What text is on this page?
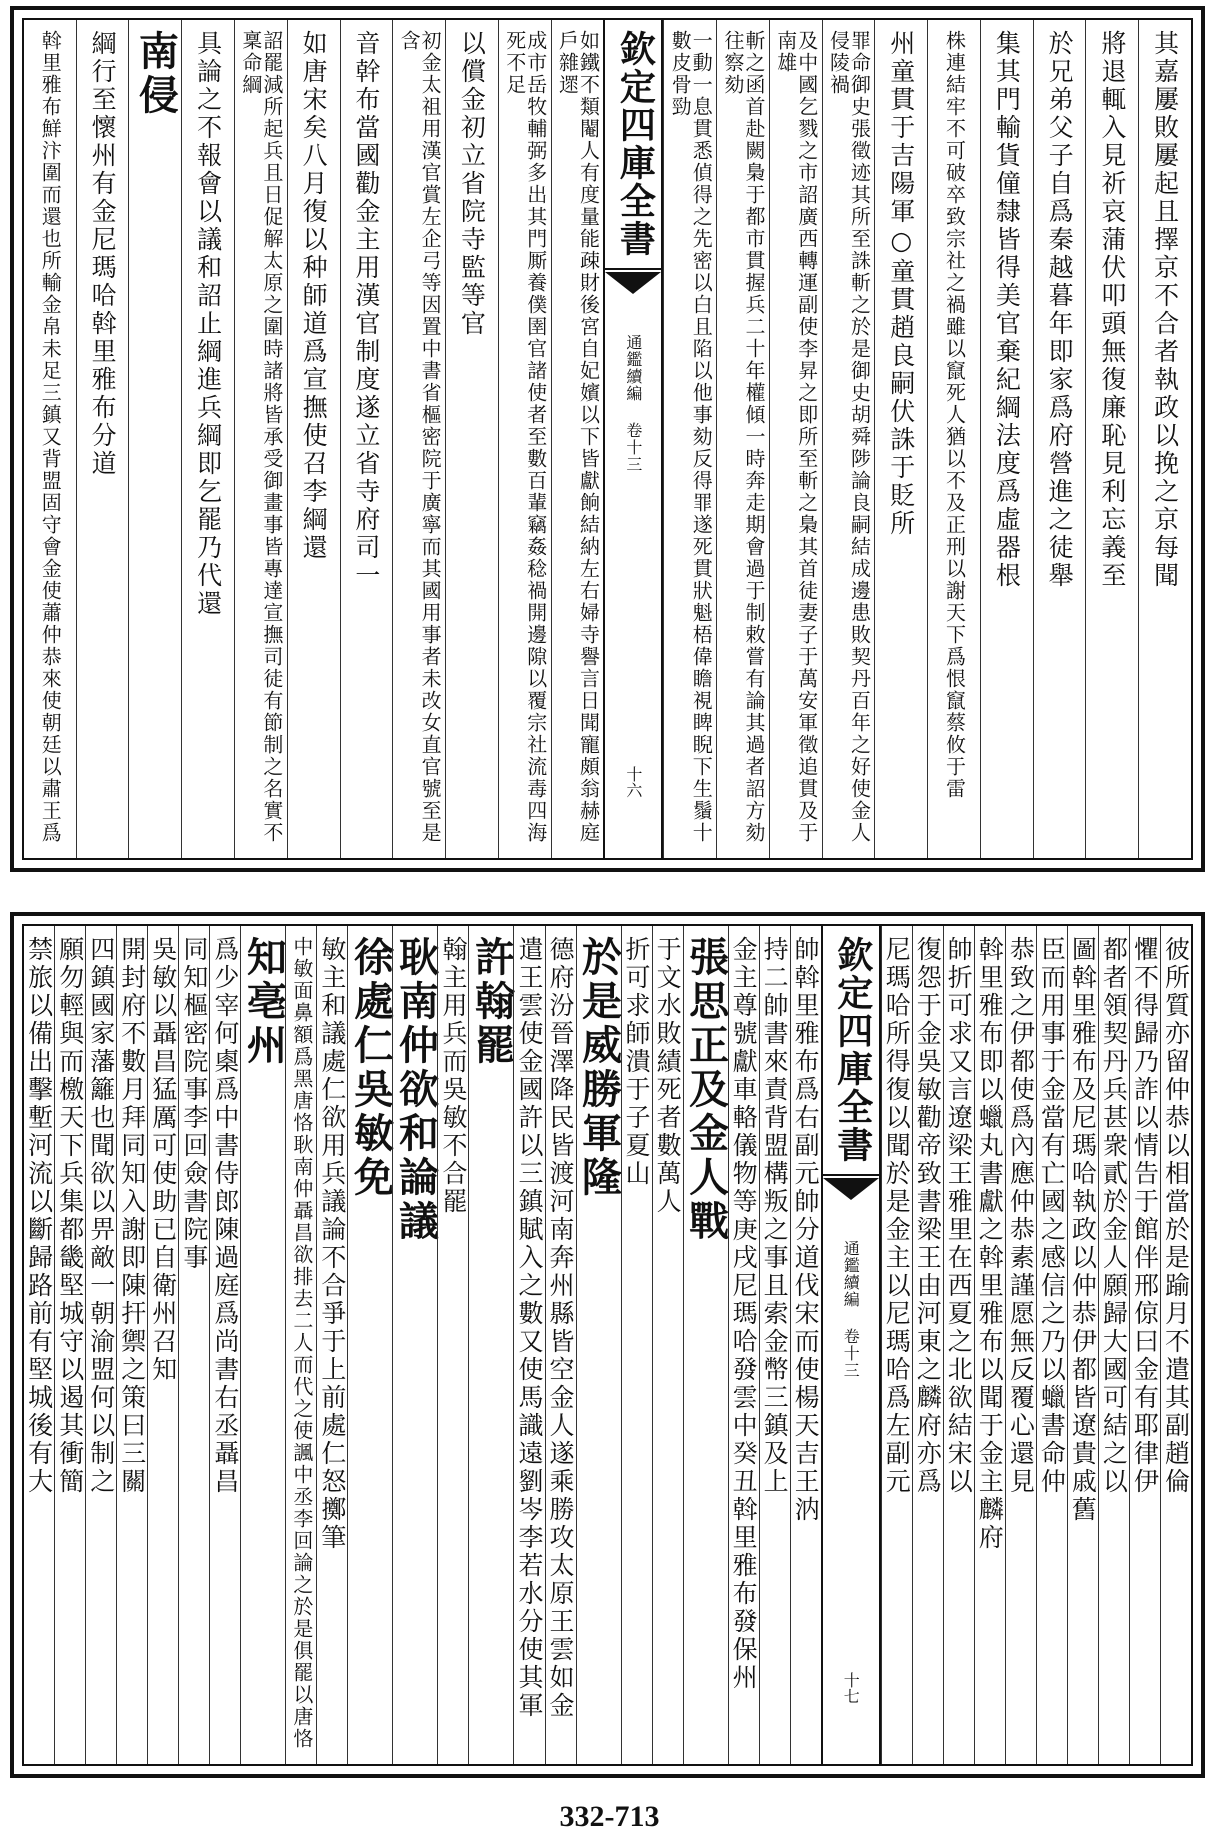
其嘉屢敗屢起且擇京不合者執政以挽之京每聞
將退輒入見祈哀蒲伏叩頭無復廉恥見利忘義至
於兄弟父子自爲秦越暮年即家爲府營進之徒舉
集其門輸貨僮隸皆得美官棄紀綱法度爲虛器根
株連結牢不可破卒致宗社之禍雖以竄死人猶以不及正刑以謝天下爲恨竄蔡攸于雷
州童貫于吉陽軍○童貫趙良嗣伏誅于貶所
罪命御史張徵迹其所至誅斬之於是御史胡舜陟論良嗣結成邊患敗契丹百年之好使金人侵陵禍
及中國乞戮之市詔廣西轉運副使李昇之即所至斬之梟其首徒妻子于萬安軍徵追貫及于南雄
斬之函首赴闕梟于都市貫握兵二十年權傾一時奔走期會過于制敕嘗有論其過者詔方劾往察劾
一動一息貫悉偵得之先密以白且陷以他事劾反得罪遂死貫狀魁梧偉瞻視睥睨下生鬚十數皮骨勁
欽定四庫全書
通鑑續編 卷十三
十六
如鐵不類閹人有度量能疎財後宮自妃嬪以下皆獻餉結納左右婦寺譽言日聞寵頗翁赫庭戶雜遝
成市岳牧輔弼多出其門厮養僕圉官諸使者至數百輩竊姦稔禍開邊隙以覆宗社流毒四海死不足
以償金初立省院寺監等官
初金太祖用漢官賞左企弓等因置中書省樞密院于廣寧而其國用事者未改女直官號至是含
音幹布當國勸金主用漢官制度遂立省寺府司一
如唐宋矣八月復以种師道爲宣撫使召李綱還
詔罷減所起兵且日促解太原之圍時諸將皆承受御畫事皆專達宣撫司徒有節制之名實不稟命綱
具論之不報會以議和詔止綱進兵綱即乞罷乃代還
南侵
綱行至懷州有金尼瑪哈斡里雅布分道
斡里雅布鮮汴圍而還也所輸金帛未足三鎮又背盟固守會金使蕭仲恭來使朝廷以肅王爲
彼所質亦留仲恭以相當於是踰月不遣其副趙倫
懼不得歸乃詐以情告于館伴邢倞曰金有耶律伊
都者領契丹兵甚衆貳於金人願歸大國可結之以
圖斡里雅布及尼瑪哈執政以仲恭伊都皆遼貴戚舊
臣而用事于金當有亡國之感信之乃以蠟書命仲
恭致之伊都使爲內應仲恭素謹愿無反覆心還見
斡里雅布即以蠟丸書獻之斡里雅布以聞于金主麟府
帥折可求又言遼梁王雅里在西夏之北欲結宋以
復怨于金吳敏勸帝致書梁王由河東之麟府亦爲
尼瑪哈所得復以聞於是金主以尼瑪哈爲左副元
欽定四庫全書
通鑑續編 卷十三
十七
帥斡里雅布爲右副元帥分道伐宋而使楊天吉王汭
持二帥書來責背盟構叛之事且索金幣三鎮及上
金主尊號獻車輅儀物等庚戌尼瑪哈發雲中癸丑斡里雅布發保州
張思正及金人戰
于文水敗績死者數萬人
折可求師潰于子夏山
於是威勝軍隆
德府汾晉澤降民皆渡河南奔州縣皆空金人遂乘勝攻太原王雲如金
遣王雲使金國許以三鎮賦入之數又使馬識遠劉岑李若水分使其軍
許翰罷
翰主用兵而吳敏不合罷
耿南仲欲和論議
徐處仁吳敏免
敏主和議處仁欲用兵議論不合爭于上前處仁怒擲筆
中敏面鼻額爲黑唐恪耿南仲聶昌欲排去二人而代之使諷中丞李回論之於是俱罷以唐恪
知亳州
爲少宰何㮚爲中書侍郎陳過庭爲尚書右丞聶昌
同知樞密院事李回僉書院事
吳敏以聶昌猛厲可使助已自衛州召知
開封府不數月拜同知入謝即陳扞禦之策曰三關
四鎮國家藩籬也聞欲以畀敵一朝渝盟何以制之
願勿輕與而檄天下兵集都畿堅城守以遏其衝簡
禁旅以備出擊塹河流以斷歸路前有堅城後有大
332-713
